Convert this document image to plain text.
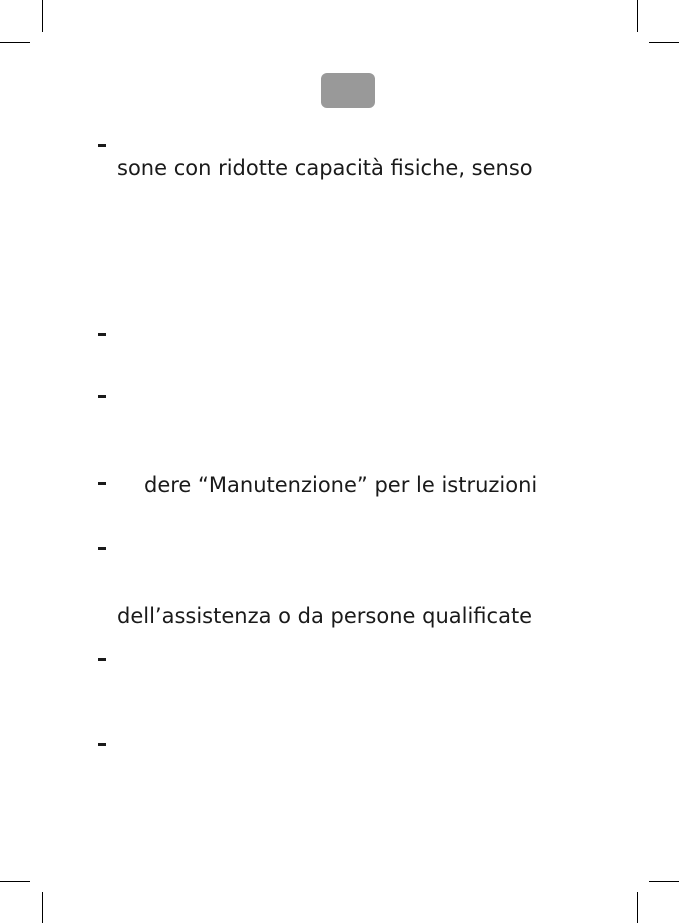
sone con ridotte capacità fisiche, senso
dere “Manutenzione” per le istruzioni
dell’assistenza o da persone qualificate
